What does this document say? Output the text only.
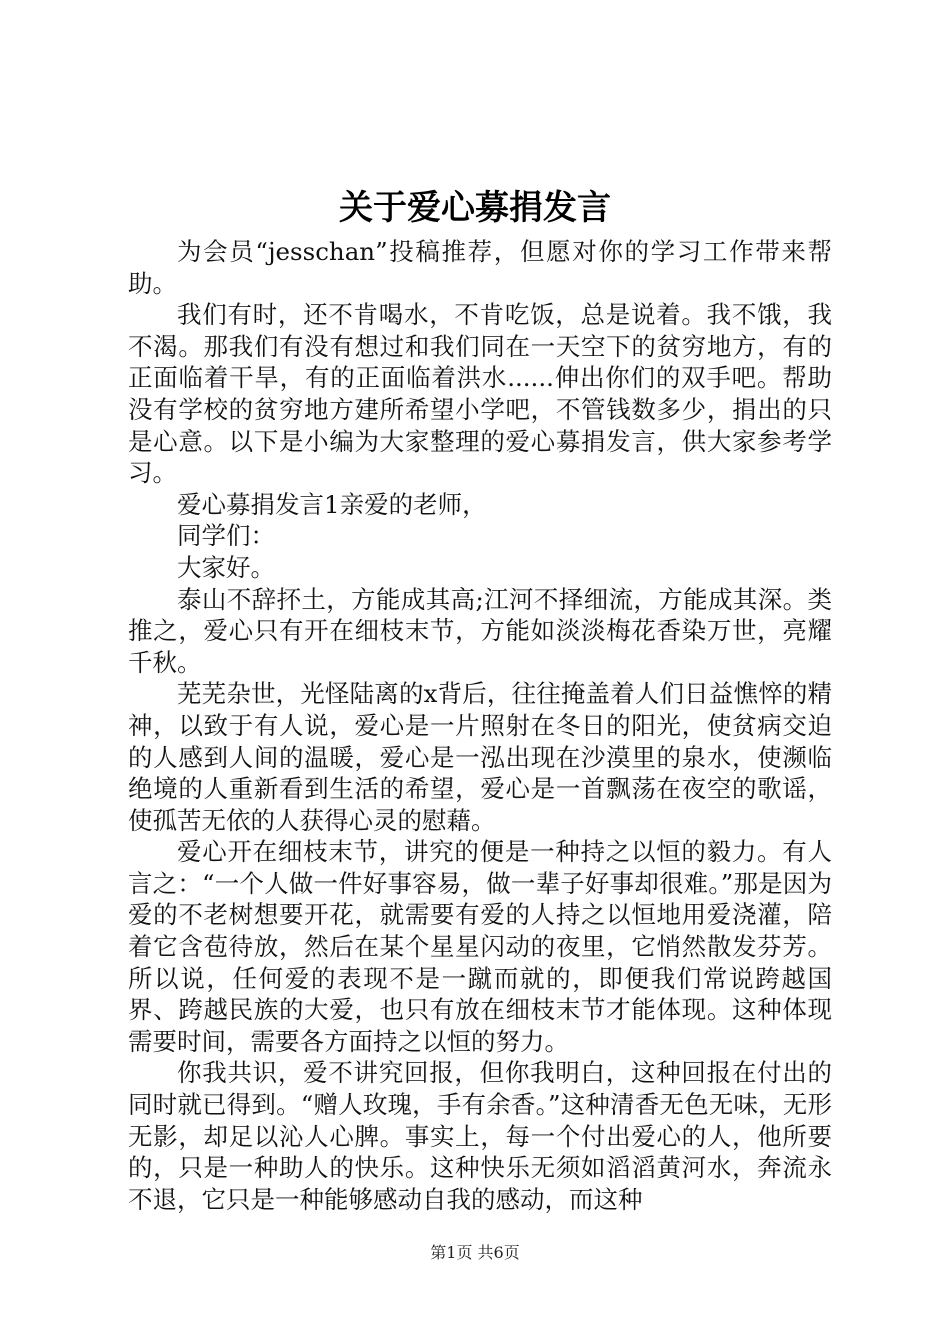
关于爱心募捐发言

为会员“jesschan”投稿推荐，但愿对你的学习工作带来帮助。

我们有时，还不肯喝水，不肯吃饭，总是说着。我不饿，我不渴。那我们有没有想过和我们同在一天空下的贫穷地方，有的正面临着干旱，有的正面临着洪水......伸出你们的双手吧。帮助没有学校的贫穷地方建所希望小学吧，不管钱数多少，捐出的只是心意。以下是小编为大家整理的爱心募捐发言，供大家参考学习。

爱心募捐发言1亲爱的老师，

同学们：

大家好。

泰山不辞抔土，方能成其高;江河不择细流，方能成其深。类推之，爱心只有开在细枝末节，方能如淡淡梅花香染万世，亮耀千秋。

芜芜杂世，光怪陆离的x背后，往往掩盖着人们日益憔悴的精神，以致于有人说，爱心是一片照射在冬日的阳光，使贫病交迫的人感到人间的温暖，爱心是一泓出现在沙漠里的泉水，使濒临绝境的人重新看到生活的希望，爱心是一首飘荡在夜空的歌谣，使孤苦无依的人获得心灵的慰藉。

爱心开在细枝末节，讲究的便是一种持之以恒的毅力。有人言之：“一个人做一件好事容易，做一辈子好事却很难。”那是因为爱的不老树想要开花，就需要有爱的人持之以恒地用爱浇灌，陪着它含苞待放，然后在某个星星闪动的夜里，它悄然散发芬芳。所以说，任何爱的表现不是一蹴而就的，即便我们常说跨越国界、跨越民族的大爱，也只有放在细枝末节才能体现。这种体现需要时间，需要各方面持之以恒的努力。

你我共识，爱不讲究回报，但你我明白，这种回报在付出的同时就已得到。“赠人玫瑰，手有余香。”这种清香无色无味，无形无影，却足以沁人心脾。事实上，每一个付出爱心的人，他所要的，只是一种助人的快乐。这种快乐无须如滔滔黄河水，奔流永不退，它只是一种能够感动自我的感动，而这种

第1页 共6页
